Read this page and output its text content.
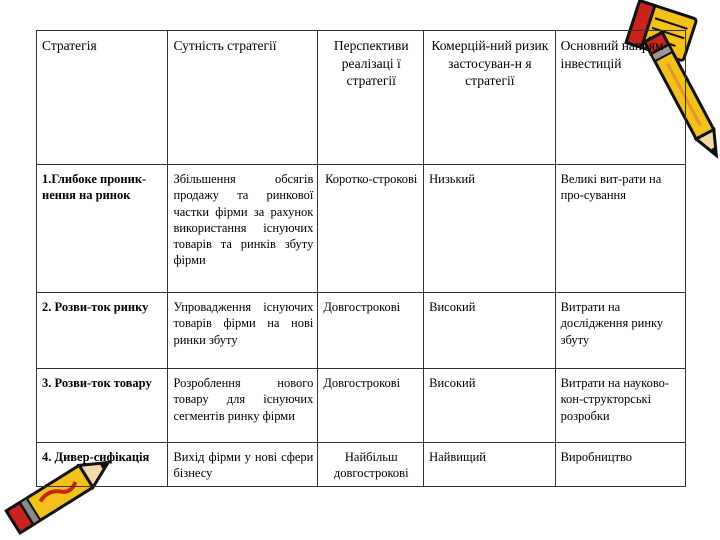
Стратегія	Сутність стратегії	Перспективи реалізаці ї стратегії	Комерцій-ний ризик застосуван-н я стратегії	Основний напрям інвестицій
1.Глибоке проник-нення на ринок	Збільшення обсягів продажу та ринкової частки фірми за рахунок використання існуючих товарів та ринків збуту фірми	Коротко-строкові	Низький	Великі вит-рати на про-сування
2. Розви-ток ринку	Упровадження існуючих товарів фірми на нові ринки збуту	Довгострокові	Високий	Витрати на дослідження ринку збуту
3. Розви-ток товару	Розроблення нового товару для існуючих сегментів ринку фірми	Довгострокові	Високий	Витрати на науково-кон-структорські розробки
4. Дивер-сифікація	Вихід фірми у нові сфери бізнесу	Найбільш довгострокові	Найвищий	Виробництво
